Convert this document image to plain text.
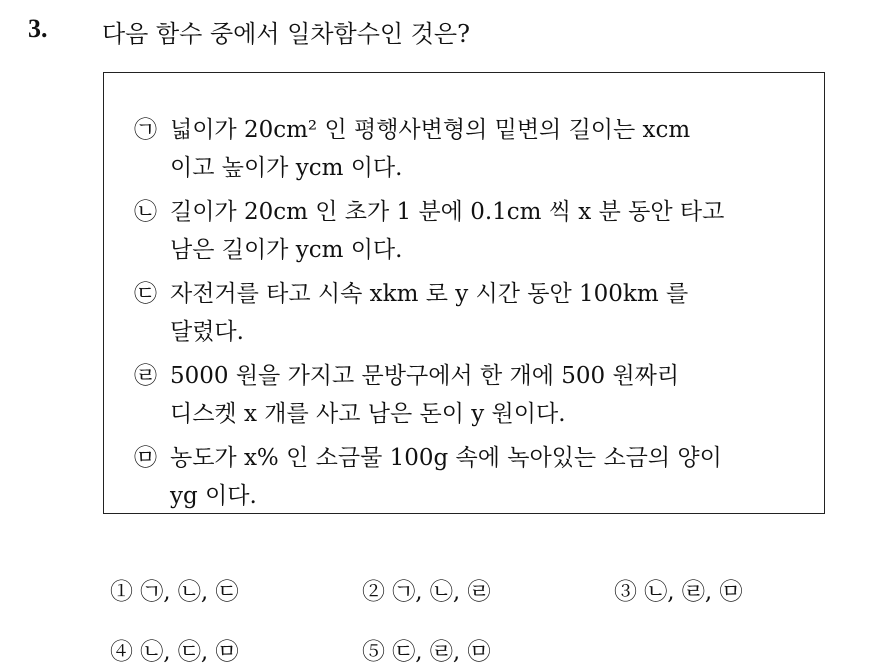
3. 다음 함수 중에서 일차함수인 것은?
㉠ 넓이가 20cm² 인 평행사변형의 밑변의 길이는 xcm
이고 높이가 ycm 이다.
㉡ 길이가 20cm 인 초가 1 분에 0.1cm 씩 x 분 동안 타고
남은 길이가 ycm 이다.
㉢ 자전거를 타고 시속 xkm 로 y 시간 동안 100km 를
달렸다.
㉣ 5000 원을 가지고 문방구에서 한 개에 500 원짜리
디스켓 x 개를 사고 남은 돈이 y 원이다.
㉤ 농도가 x% 인 소금물 100g 속에 녹아있는 소금의 양이
yg 이다.
① ㉠, ㉡, ㉢	② ㉠, ㉡, ㉣	③ ㉡, ㉣, ㉤
④ ㉡, ㉢, ㉤	⑤ ㉢, ㉣, ㉤
